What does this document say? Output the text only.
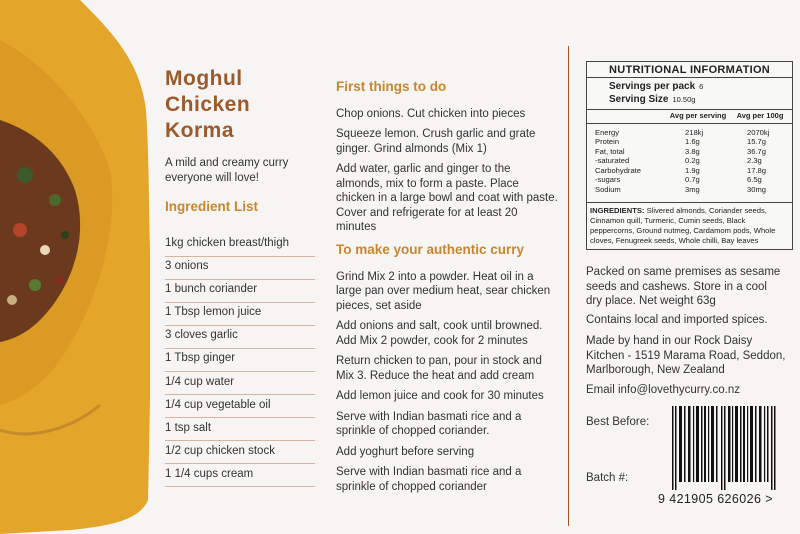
Moghul
Chicken
Korma
A mild and creamy curry everyone will love!
Ingredient List
1kg chicken breast/thigh
3 onions
1 bunch coriander
1 Tbsp lemon juice
3 cloves garlic
1 Tbsp ginger
1/4 cup water
1/4 cup vegetable oil
1 tsp salt
1/2 cup chicken stock
1 1/4 cups cream
First things to do

Chop onions. Cut chicken into pieces

Squeeze lemon. Crush garlic and grate ginger. Grind almonds (Mix 1)

Add water, garlic and ginger to the almonds, mix to form a paste. Place chicken in a large bowl and coat with paste. Cover and refrigerate for at least 20 minutes

To make your authentic curry

Grind Mix 2 into a powder. Heat oil in a large pan over medium heat, sear chicken pieces, set aside

Add onions and salt, cook until browned. Add Mix 2 powder, cook for 2 minutes

Return chicken to pan, pour in stock and Mix 3. Reduce the heat and add cream

Add lemon juice and cook for 30 minutes

Serve with Indian basmati rice and a sprinkle of chopped coriander.

Add yoghurt before serving

Serve with Indian basmati rice and a sprinkle of chopped coriander

NUTRITIONAL INFORMATION
Servings per pack 6
Serving Size 10.50g
Avg per serving	Avg per 100g
Energy	218kj	2070kj
Protein	1.6g	15.7g
Fat, total	3.8g	36.7g
-saturated	0.2g	2.3g
Carbohydrate	1.9g	17.8g
-sugars	0.7g	6.5g
Sodium	3mg	30mg
INGREDIENTS: Slivered almonds, Coriander seeds, Cinnamon quill, Turmeric, Cumin seeds, Black peppercorns, Ground nutmeg, Cardamom pods, Whole cloves, Fenugreek seeds, Whole chilli, Bay leaves
Packed on same premises as sesame seeds and cashews. Store in a cool dry place. Net weight 63g
Contains local and imported spices.
Made by hand in our Rock Daisy Kitchen - 1519 Marama Road, Seddon, Marlborough, New Zealand
Email info@lovethycurry.co.nz
Best Before:
Batch #:
9 421905 626026 >
